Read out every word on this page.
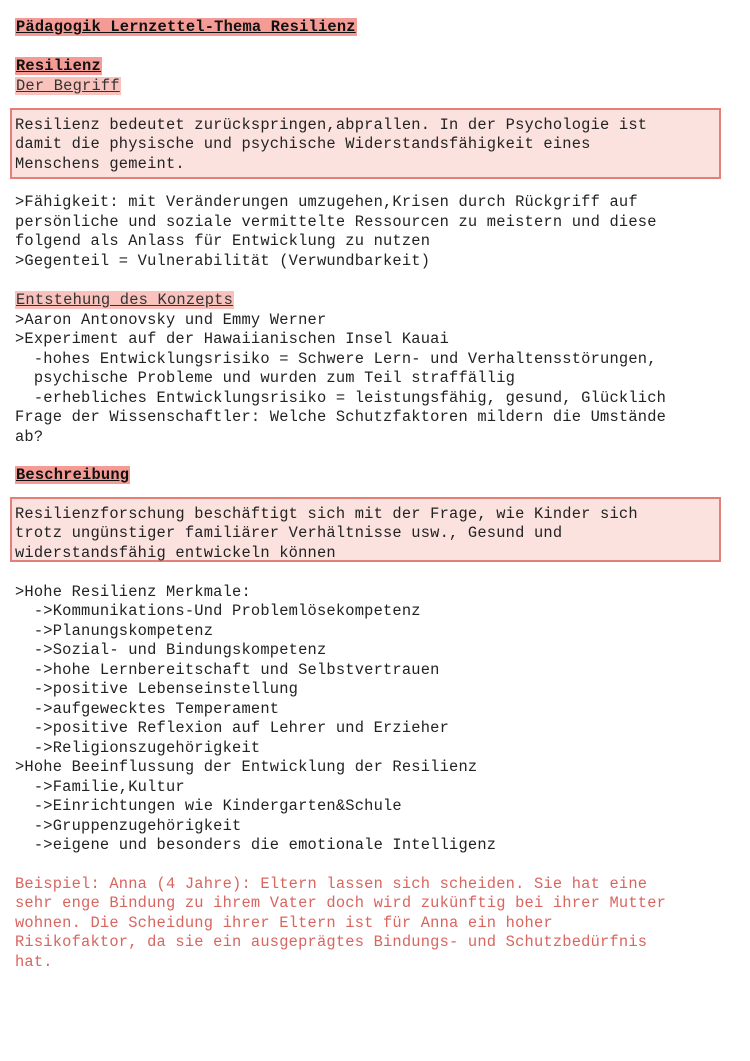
Pädagogik Lernzettel-Thema Resilienz
Resilienz
Der Begriff
Resilienz bedeutet zurückspringen,abprallen. In der Psychologie ist
damit die physische und psychische Widerstandsfähigkeit eines
Menschens gemeint.
>Fähigkeit: mit Veränderungen umzugehen,Krisen durch Rückgriff auf
persönliche und soziale vermittelte Ressourcen zu meistern und diese
folgend als Anlass für Entwicklung zu nutzen
>Gegenteil = Vulnerabilität (Verwundbarkeit)
Entstehung des Konzepts
>Aaron Antonovsky und Emmy Werner
>Experiment auf der Hawaiianischen Insel Kauai
-hohes Entwicklungsrisiko = Schwere Lern- und Verhaltensstörungen,
psychische Probleme und wurden zum Teil straffällig
-erhebliches Entwicklungsrisiko = leistungsfähig, gesund, Glücklich
Frage der Wissenschaftler: Welche Schutzfaktoren mildern die Umstände
ab?
Beschreibung
Resilienzforschung beschäftigt sich mit der Frage, wie Kinder sich
trotz ungünstiger familiärer Verhältnisse usw., Gesund und
widerstandsfähig entwickeln können
>Hohe Resilienz Merkmale:
->Kommunikations-Und Problemlösekompetenz
->Planungskompetenz
->Sozial- und Bindungskompetenz
->hohe Lernbereitschaft und Selbstvertrauen
->positive Lebenseinstellung
->aufgewecktes Temperament
->positive Reflexion auf Lehrer und Erzieher
->Religionszugehörigkeit
>Hohe Beeinflussung der Entwicklung der Resilienz
->Familie,Kultur
->Einrichtungen wie Kindergarten&Schule
->Gruppenzugehörigkeit
->eigene und besonders die emotionale Intelligenz
Beispiel: Anna (4 Jahre): Eltern lassen sich scheiden. Sie hat eine
sehr enge Bindung zu ihrem Vater doch wird zukünftig bei ihrer Mutter
wohnen. Die Scheidung ihrer Eltern ist für Anna ein hoher
Risikofaktor, da sie ein ausgeprägtes Bindungs- und Schutzbedürfnis
hat.
